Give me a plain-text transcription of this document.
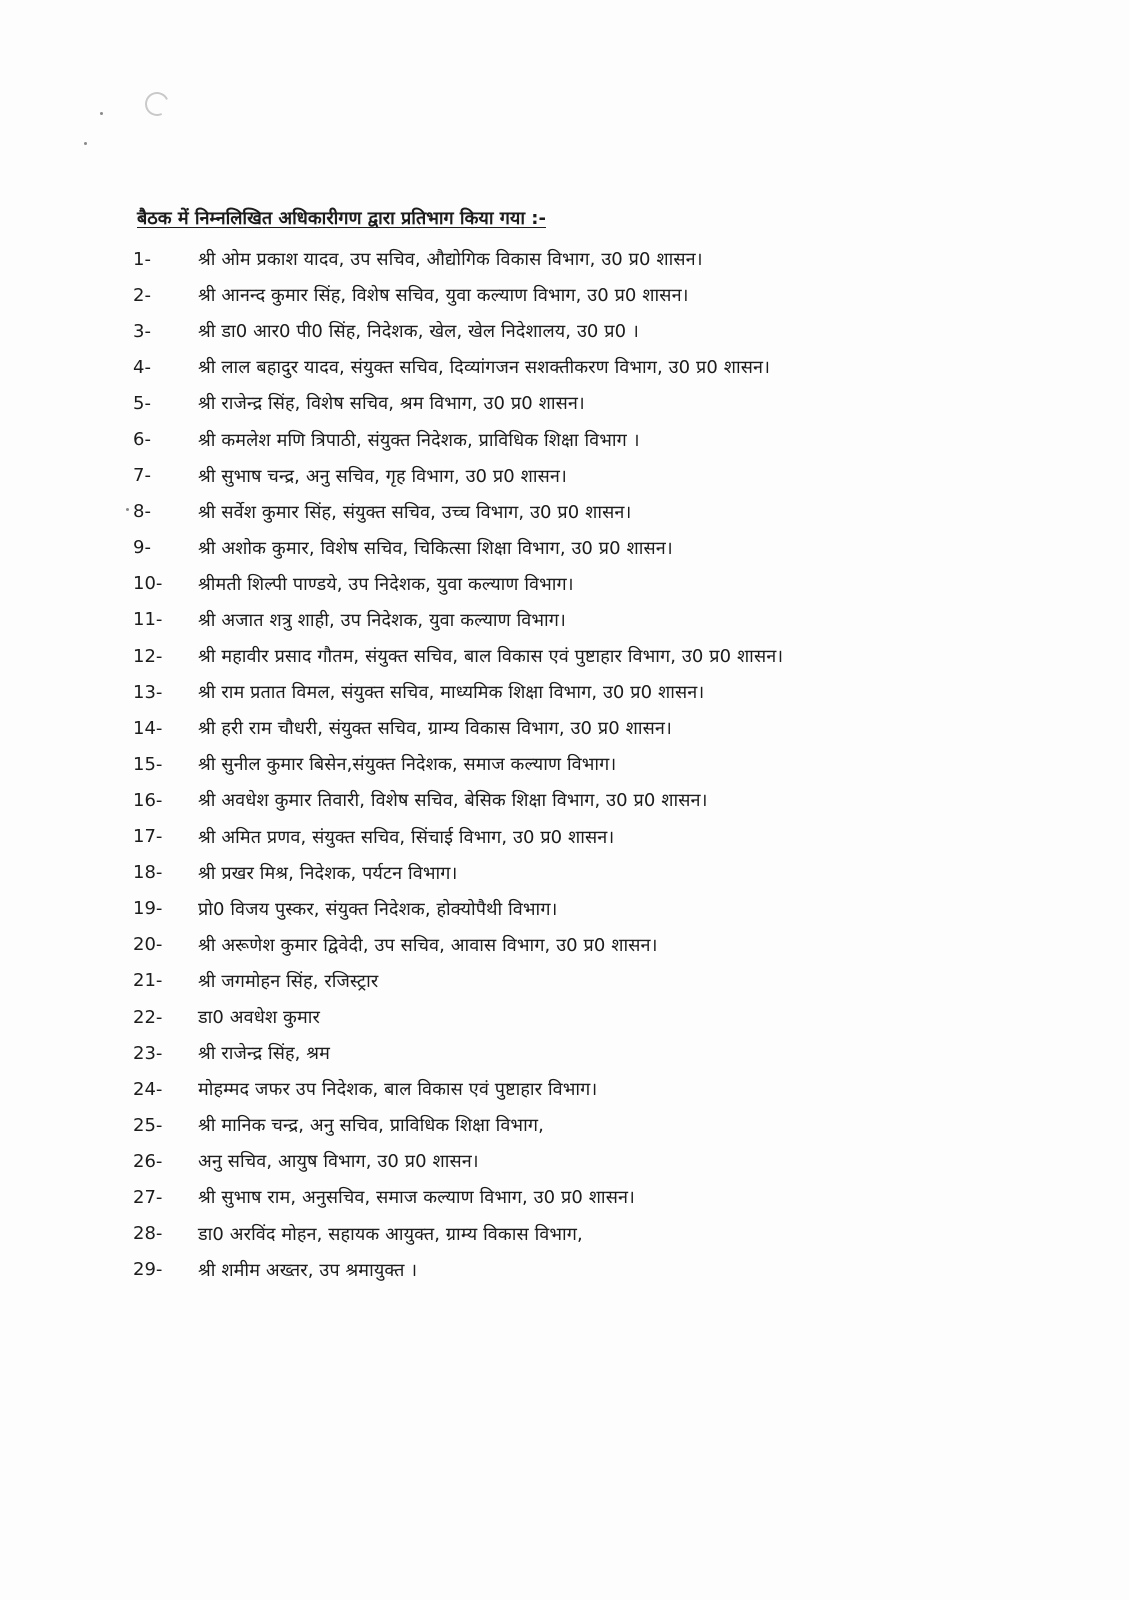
बैठक में निम्नलिखित अधिकारीगण द्वारा प्रतिभाग किया गया :-
1-	श्री ओम प्रकाश यादव, उप सचिव, औद्योगिक विकास विभाग, उ0 प्र0 शासन।
2-	श्री आनन्द कुमार सिंह, विशेष सचिव, युवा कल्याण विभाग, उ0 प्र0 शासन।
3-	श्री डा0 आर0 पी0 सिंह, निदेशक, खेल, खेल निदेशालय, उ0 प्र0 ।
4-	श्री लाल बहादुर यादव, संयुक्त सचिव, दिव्यांगजन सशक्तीकरण विभाग, उ0 प्र0 शासन।
5-	श्री राजेन्द्र सिंह, विशेष सचिव, श्रम विभाग, उ0 प्र0 शासन।
6-	श्री कमलेश मणि त्रिपाठी, संयुक्त निदेशक, प्राविधिक शिक्षा विभाग ।
7-	श्री सुभाष चन्द्र, अनु सचिव, गृह विभाग, उ0 प्र0 शासन।
8-	श्री सर्वेश कुमार सिंह, संयुक्त सचिव, उच्च विभाग, उ0 प्र0 शासन।
9-	श्री अशोक कुमार, विशेष सचिव, चिकित्सा शिक्षा विभाग, उ0 प्र0 शासन।
10-	श्रीमती शिल्पी पाण्डये, उप निदेशक, युवा कल्याण विभाग।
11-	श्री अजात शत्रु शाही, उप निदेशक, युवा कल्याण विभाग।
12-	श्री महावीर प्रसाद गौतम, संयुक्त सचिव, बाल विकास एवं पुष्टाहार विभाग, उ0 प्र0 शासन।
13-	श्री राम प्रतात विमल, संयुक्त सचिव, माध्यमिक शिक्षा विभाग, उ0 प्र0 शासन।
14-	श्री हरी राम चौधरी, संयुक्त सचिव, ग्राम्य विकास विभाग, उ0 प्र0 शासन।
15-	श्री सुनील कुमार बिसेन,संयुक्त निदेशक, समाज कल्याण विभाग।
16-	श्री अवधेश कुमार तिवारी, विशेष सचिव, बेसिक शिक्षा विभाग, उ0 प्र0 शासन।
17-	श्री अमित प्रणव, संयुक्त सचिव, सिंचाई विभाग, उ0 प्र0 शासन।
18-	श्री प्रखर मिश्र, निदेशक, पर्यटन विभाग।
19-	प्रो0 विजय पुस्कर, संयुक्त निदेशक, होक्योपैथी विभाग।
20-	श्री अरूणेश कुमार द्विवेदी, उप सचिव, आवास विभाग, उ0 प्र0 शासन।
21-	श्री जगमोहन सिंह, रजिस्ट्रार
22-	डा0 अवधेश कुमार
23-	श्री राजेन्द्र सिंह, श्रम
24-	मोहम्मद जफर उप निदेशक, बाल विकास एवं पुष्टाहार विभाग।
25-	श्री मानिक चन्द्र, अनु सचिव, प्राविधिक शिक्षा विभाग,
26-	अनु सचिव, आयुष विभाग, उ0 प्र0 शासन।
27-	श्री सुभाष राम, अनुसचिव, समाज कल्याण विभाग, उ0 प्र0 शासन।
28-	डा0 अरविंद मोहन, सहायक आयुक्त, ग्राम्य विकास विभाग,
29-	श्री शमीम अख्तर, उप श्रमायुक्त ।
